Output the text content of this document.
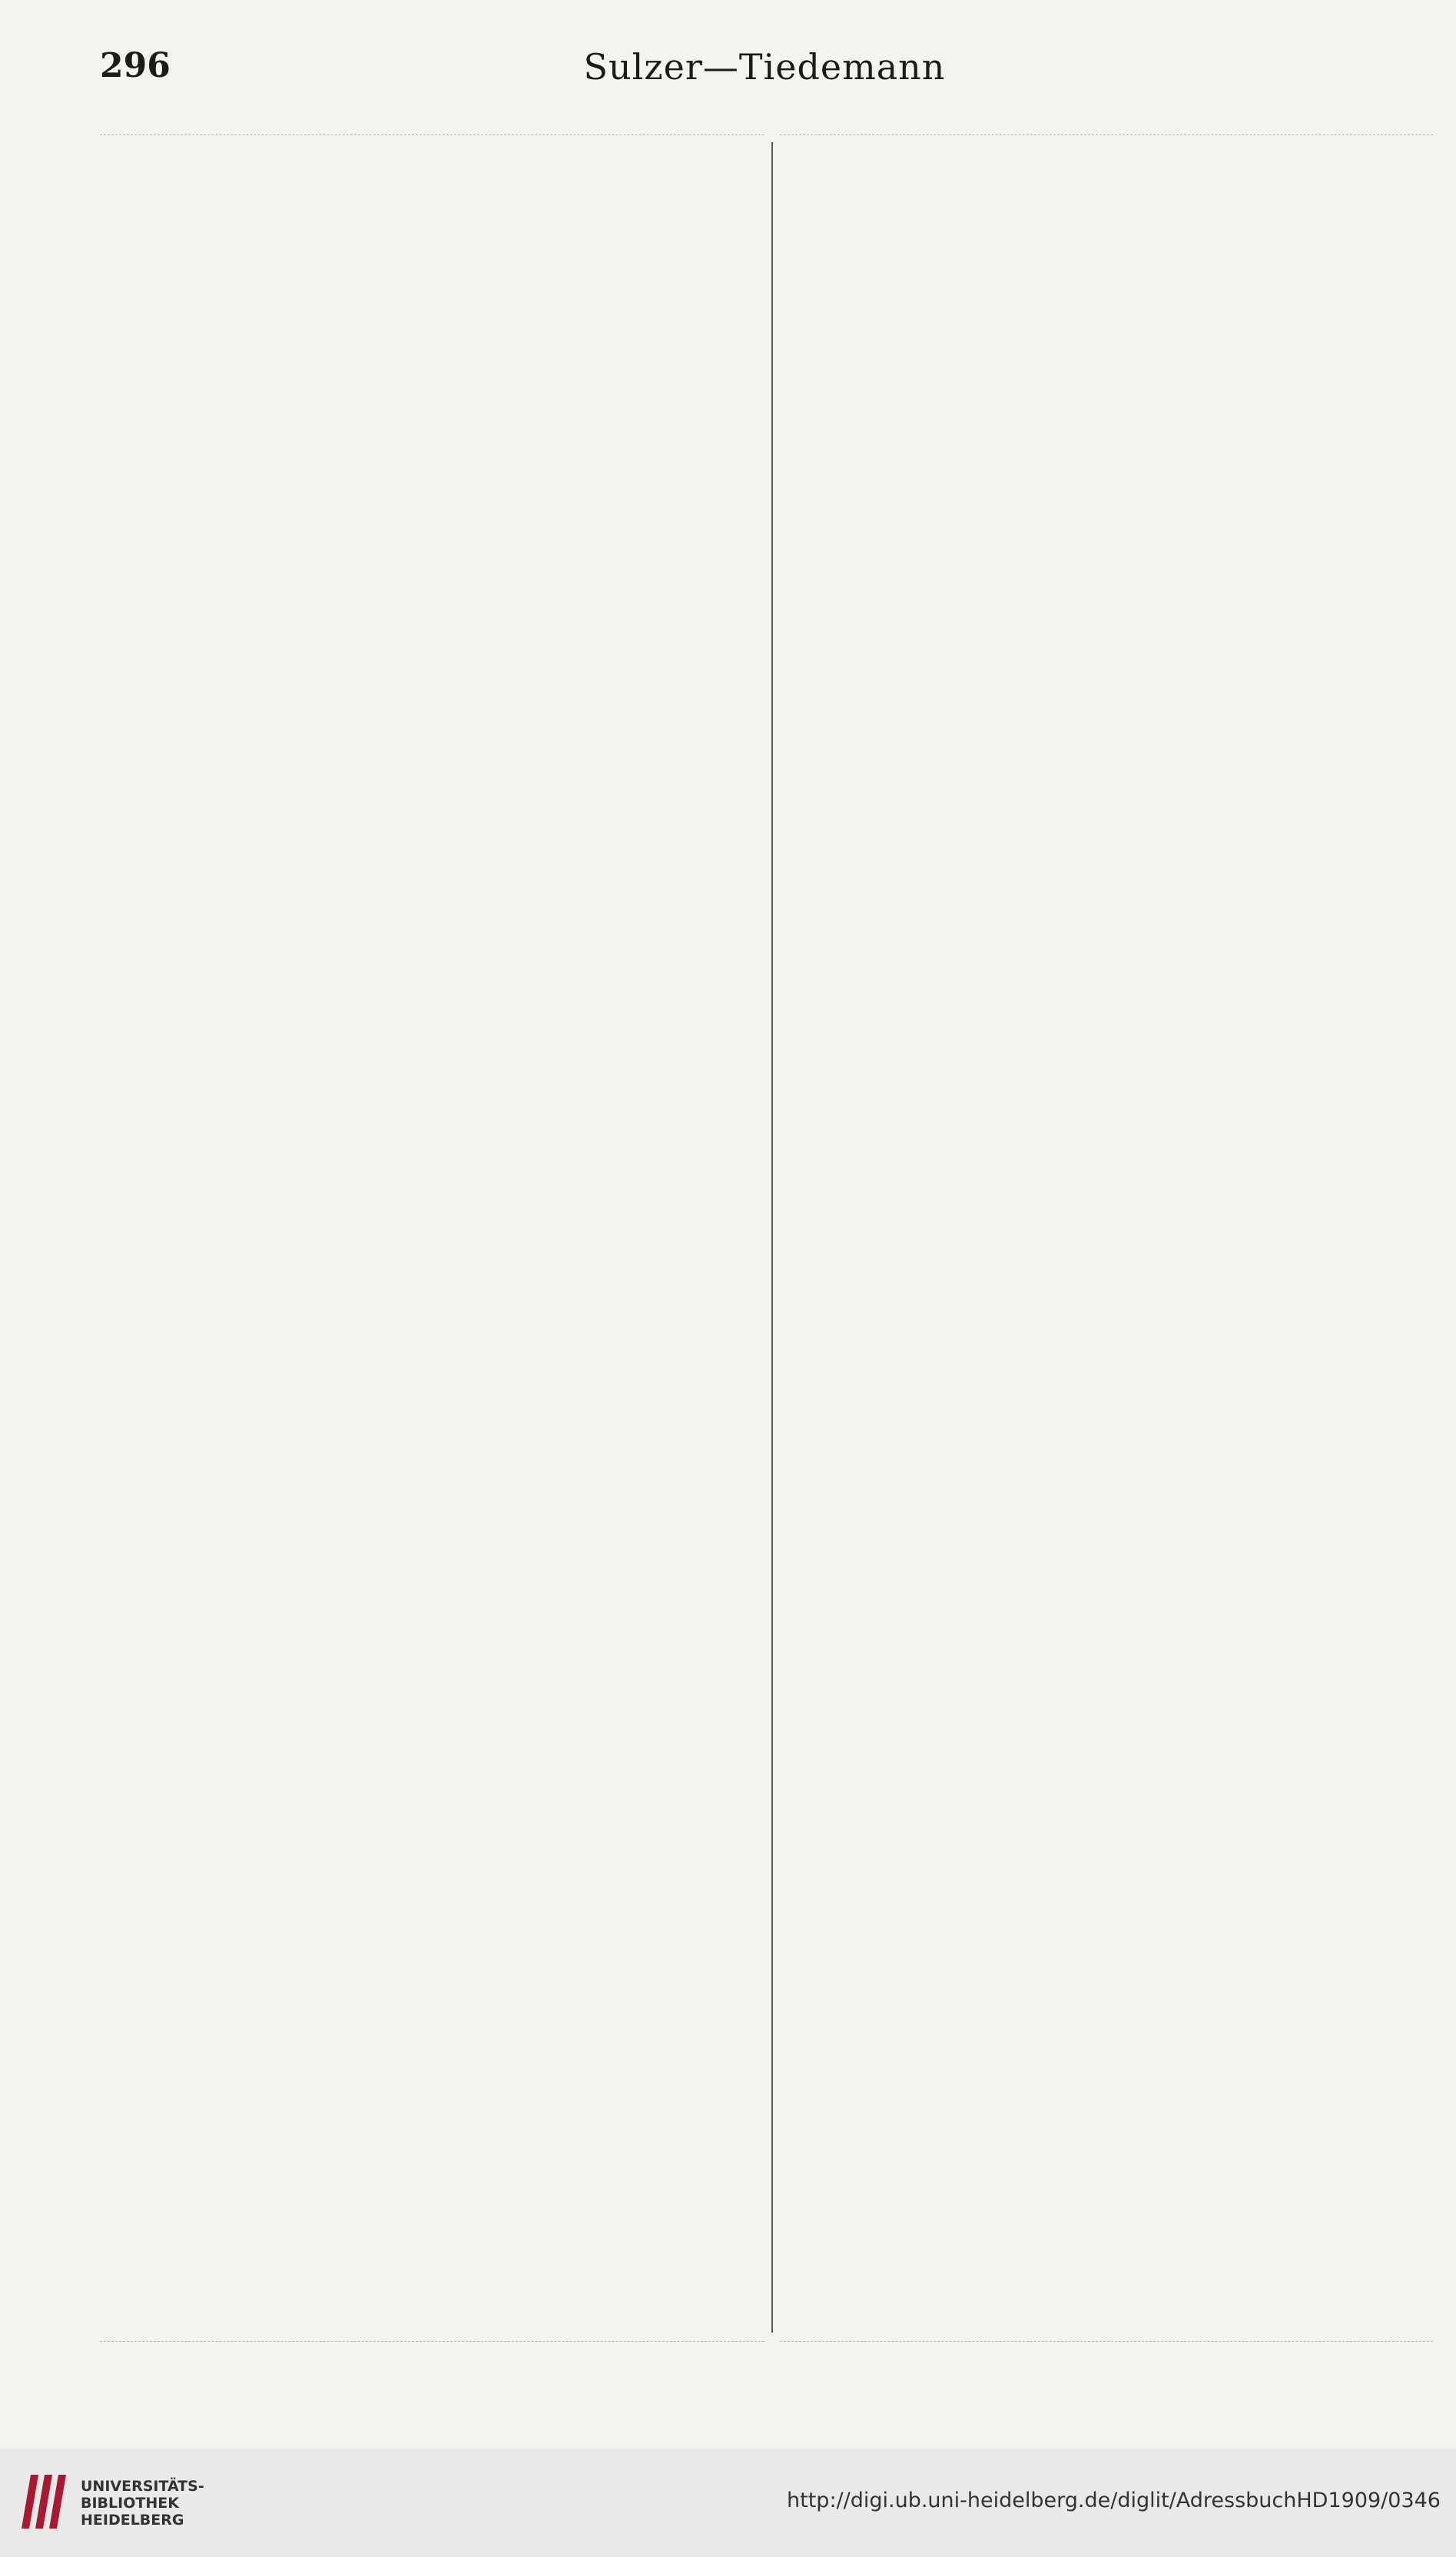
296	Sulzer—Tiedemann
UNIVERSITÄTS-
BIBLIOTHEK
HEIDELBERG
http://digi.ub.uni-heidelberg.de/diglit/AdressbuchHD1909/0346
